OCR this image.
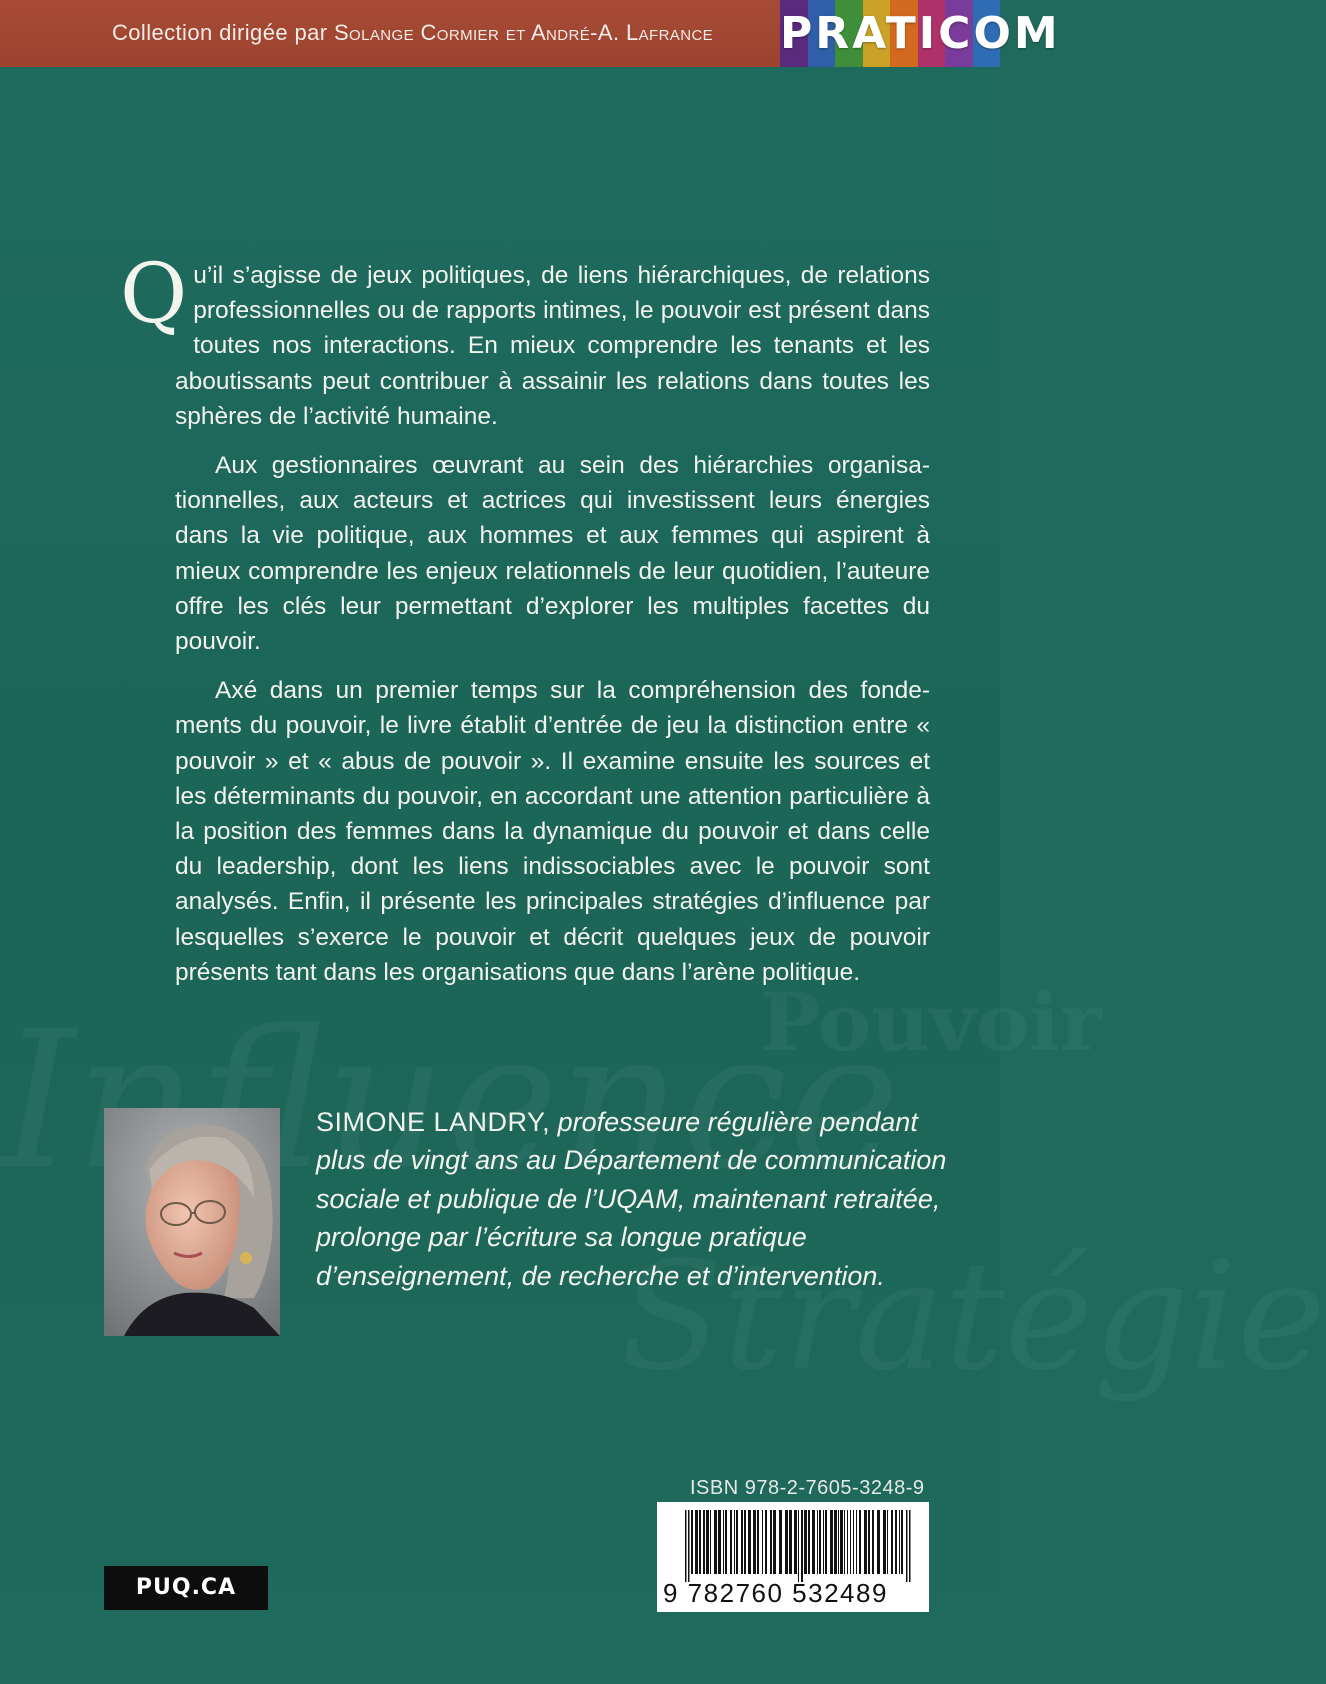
Collection dirigée par Solange Cormier et André-A. Lafrance PRATICOM

Qu’il s’agisse de jeux politiques, de liens hiérarchiques, de relations professionnelles ou de rapports intimes, le pouvoir est présent dans toutes nos interactions. En mieux comprendre les tenants et les aboutissants peut contribuer à assainir les relations dans toutes les sphères de l’activité humaine.

Aux gestionnaires œuvrant au sein des hiérarchies organisationnelles, aux acteurs et actrices qui investissent leurs énergies dans la vie politique, aux hommes et aux femmes qui aspirent à mieux comprendre les enjeux relationnels de leur quotidien, l’auteure offre les clés leur permettant d’explorer les multiples facettes du pouvoir.

Axé dans un premier temps sur la compréhension des fondements du pouvoir, le livre établit d’entrée de jeu la distinction entre « pouvoir » et « abus de pouvoir ». Il examine ensuite les sources et les déterminants du pouvoir, en accordant une attention particulière à la position des femmes dans la dynamique du pouvoir et dans celle du leadership, dont les liens indissociables avec le pouvoir sont analysés. Enfin, il présente les principales stratégies d’influence par lesquelles s’exerce le pouvoir et décrit quelques jeux de pouvoir présents tant dans les organisations que dans l’arène politique.

SIMONE LANDRY, professeure régulière pendant plus de vingt ans au Département de communication sociale et publique de l’UQAM, maintenant retraitée, prolonge par l’écriture sa longue pratique d’enseignement, de recherche et d’intervention.
PUQ.CA
ISBN 978-2-7605-3248-9
9 782760 532489
